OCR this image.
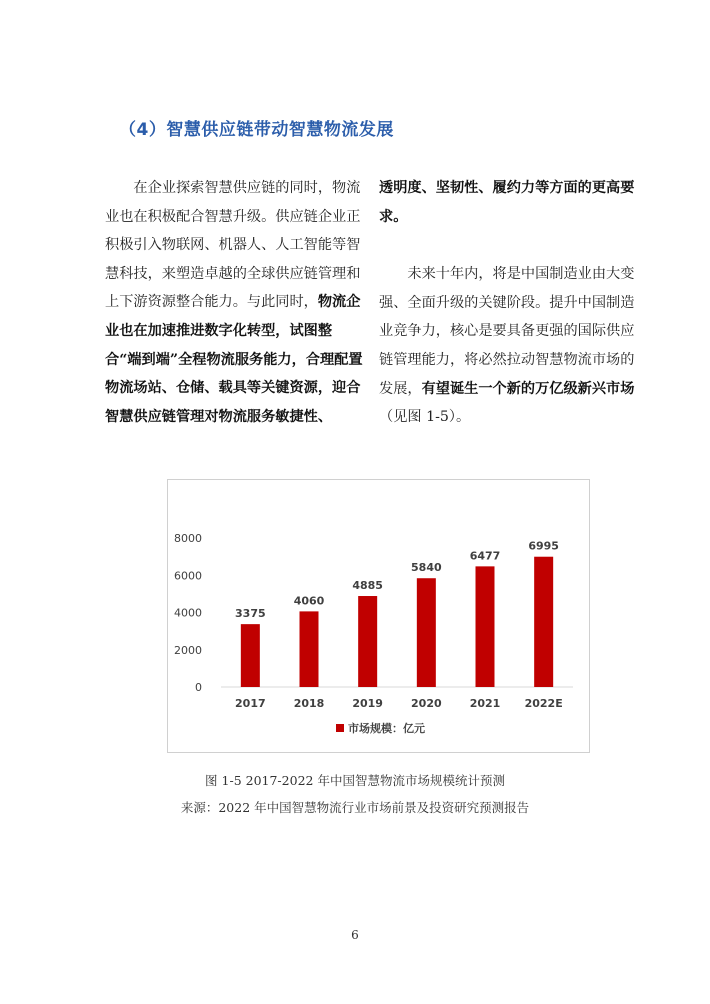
（4）智慧供应链带动智慧物流发展

在企业探索智慧供应链的同时，物流业也在积极配合智慧升级。供应链企业正积极引入物联网、机器人、人工智能等智慧科技，来塑造卓越的全球供应链管理和上下游资源整合能力。与此同时，物流企业也在加速推进数字化转型，试图整合“端到端”全程物流服务能力，合理配置物流场站、仓储、载具等关键资源，迎合智慧供应链管理对物流服务敏捷性、

透明度、坚韧性、履约力等方面的更高要求。

未来十年内，将是中国制造业由大变强、全面升级的关键阶段。提升中国制造业竞争力，核心是要具备更强的国际供应链管理能力，将必然拉动智慧物流市场的发展，有望诞生一个新的万亿级新兴市场（见图 1-5）。

0
2000
4000
6000
8000
3375
2017
4060
2018
4885
2019
5840
2020
6477
2021
6995
2022E
市场规模：亿元
图 1-5 2017-2022 年中国智慧物流市场规模统计预测
来源：2022 年中国智慧物流行业市场前景及投资研究预测报告
6
